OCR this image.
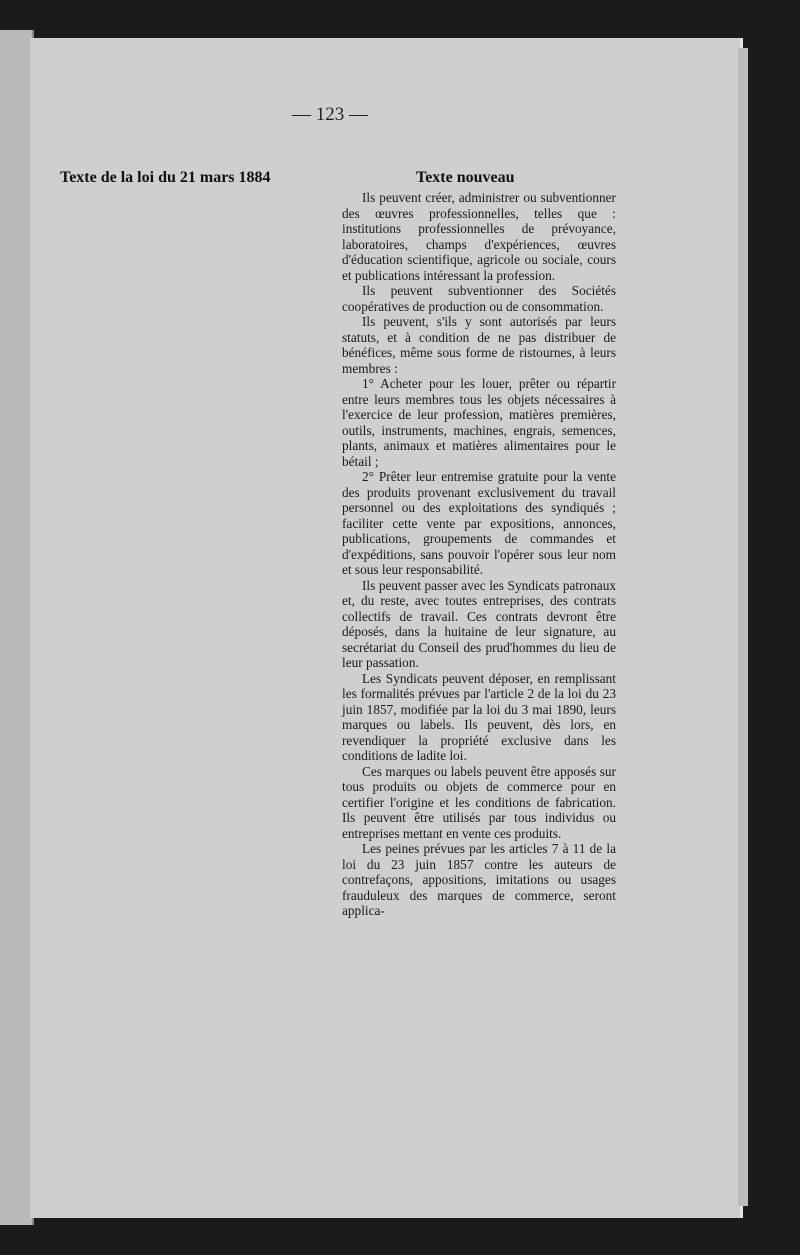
— 123 —
Texte de la loi du 21 mars 1884	Texte nouveau

Ils peuvent créer, administrer ou subventionner des œuvres professionnelles, telles que : institutions professionnelles de prévoyance, laboratoires, champs d'expériences, œuvres d'éducation scientifique, agricole ou sociale, cours et publications intéressant la profession.

Ils peuvent subventionner des Sociétés coopératives de production ou de consommation.

Ils peuvent, s'ils y sont autorisés par leurs statuts, et à condition de ne pas distribuer de bénéfices, même sous forme de ristournes, à leurs membres :

1° Acheter pour les louer, prêter ou répartir entre leurs membres tous les objets nécessaires à l'exercice de leur profession, matières premières, outils, instruments, machines, engrais, semences, plants, animaux et matières alimentaires pour le bétail ;

2° Prêter leur entremise gratuite pour la vente des produits provenant exclusivement du travail personnel ou des exploitations des syndiqués ; faciliter cette vente par expositions, annonces, publications, groupements de commandes et d'expéditions, sans pouvoir l'opérer sous leur nom et sous leur responsabilité.

Ils peuvent passer avec les Syndicats patronaux et, du reste, avec toutes entreprises, des contrats collectifs de travail. Ces contrats devront être déposés, dans la huitaine de leur signature, au secrétariat du Conseil des prud'hommes du lieu de leur passation.

Les Syndicats peuvent déposer, en remplissant les formalités prévues par l'article 2 de la loi du 23 juin 1857, modifiée par la loi du 3 mai 1890, leurs marques ou labels. Ils peuvent, dès lors, en revendiquer la propriété exclusive dans les conditions de ladite loi.

Ces marques ou labels peuvent être apposés sur tous produits ou objets de commerce pour en certifier l'origine et les conditions de fabrication. Ils peuvent être utilisés par tous individus ou entreprises mettant en vente ces produits.

Les peines prévues par les articles 7 à 11 de la loi du 23 juin 1857 contre les auteurs de contrefaçons, appositions, imitations ou usages frauduleux des marques de commerce, seront applica-
